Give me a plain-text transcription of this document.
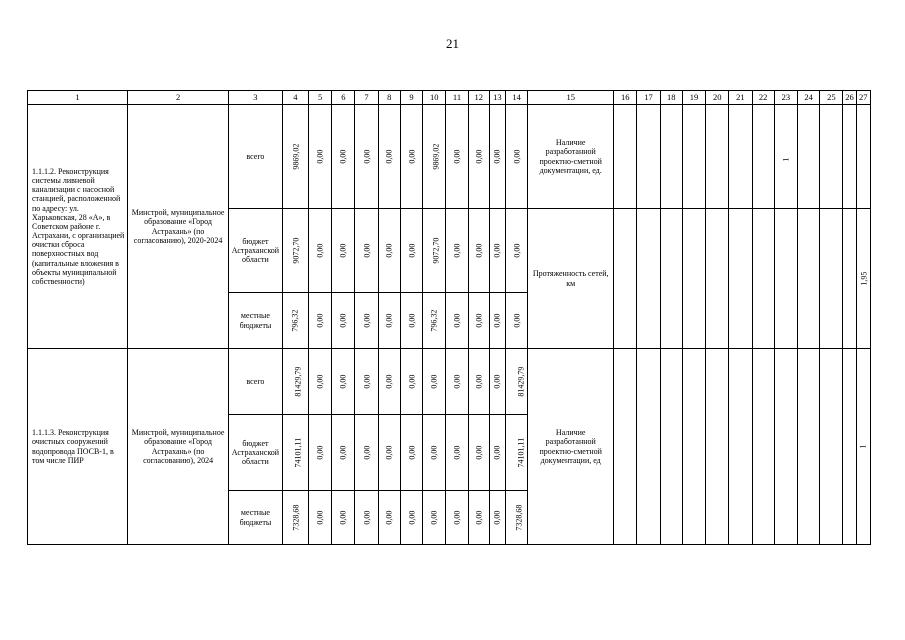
21
1	2	3	4	5	6	7	8	9	10	11	12	13	14	15	16	17	18	19	20	21	22	23	24	25	26	27
1.1.1.2. Реконструкция системы ливневой канализации с насосной станцией, расположенной по адресу: ул. Харьковская, 28 «А», в Советском районе г. Астрахани, с организацией очистки сброса поверхностных вод (капитальные вложения в объекты муниципальной собственности)	Минстрой, муниципальное образование «Город Астрахань» (по согласованию), 2020-2024	всего	9869,02	0,00	0,00	0,00	0,00	0,00	9869,02	0,00	0,00	0,00	0,00	Наличие разработанной проектно-сметной документации, ед.								1				
		бюджет Астраханской области	9072,70	0,00	0,00	0,00	0,00	0,00	9072,70	0,00	0,00	0,00	0,00	Протяженность сетей, км												1,95
		местные бюджеты	796,32	0,00	0,00	0,00	0,00	0,00	796,32	0,00	0,00	0,00	0,00													
1.1.1.3. Реконструкция очистных сооружений водопровода ПОСВ-1, в том числе ПИР	Минстрой, муниципальное образование «Город Астрахань» (по согласованию), 2024	всего	81429,79	0,00	0,00	0,00	0,00	0,00	0,00	0,00	0,00	0,00	81429,79	Наличие разработанной проектно-сметной документации, ед												1
		бюджет Астраханской области	74101,11	0,00	0,00	0,00	0,00	0,00	0,00	0,00	0,00	0,00	74101,11													
		местные бюджеты	7328,68	0,00	0,00	0,00	0,00	0,00	0,00	0,00	0,00	0,00	7328,68													
